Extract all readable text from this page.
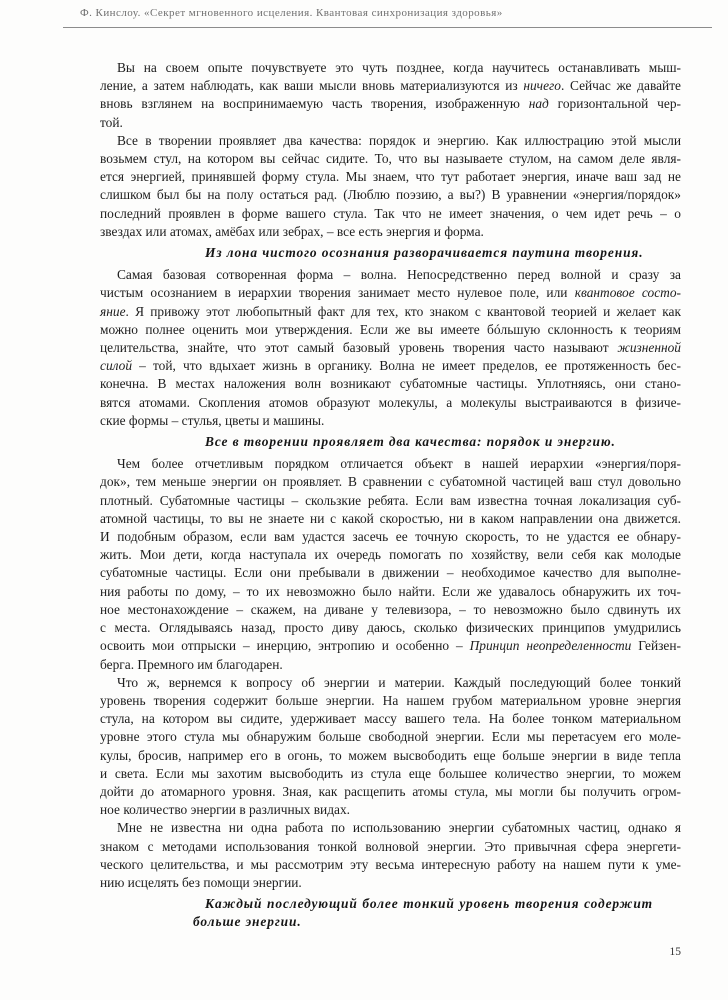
Ф. Кинслоу. «Секрет мгновенного исцеления. Квантовая синхронизация здоровья»
Вы на своем опыте почувствуете это чуть позднее, когда научитесь останавливать мыш-
ление, а затем наблюдать, как ваши мысли вновь материализуются из ничего. Сейчас же давайте
вновь взглянем на воспринимаемую часть творения, изображенную над горизонтальной чер-
той.
Все в творении проявляет два качества: порядок и энергию. Как иллюстрацию этой мысли
возьмем стул, на котором вы сейчас сидите. То, что вы называете стулом, на самом деле явля-
ется энергией, принявшей форму стула. Мы знаем, что тут работает энергия, иначе ваш зад не
слишком был бы на полу остаться рад. (Люблю поэзию, а вы?) В уравнении «энергия/порядок»
последний проявлен в форме вашего стула. Так что не имеет значения, о чем идет речь – о
звездах или атомах, амёбах или зебрах, – все есть энергия и форма.
Из лона чистого осознания разворачивается паутина творения.
Самая базовая сотворенная форма – волна. Непосредственно перед волной и сразу за
чистым осознанием в иерархии творения занимает место нулевое поле, или квантовое состо-
яние. Я привожу этот любопытный факт для тех, кто знаком с квантовой теорией и желает как
можно полнее оценить мои утверждения. Если же вы имеете бóльшую склонность к теориям
целительства, знайте, что этот самый базовый уровень творения часто называют жизненной
силой – той, что вдыхает жизнь в органику. Волна не имеет пределов, ее протяженность бес-
конечна. В местах наложения волн возникают субатомные частицы. Уплотняясь, они стано-
вятся атомами. Скопления атомов образуют молекулы, а молекулы выстраиваются в физиче-
ские формы – стулья, цветы и машины.
Все в творении проявляет два качества: порядок и энергию.
Чем более отчетливым порядком отличается объект в нашей иерархии «энергия/поря-
док», тем меньше энергии он проявляет. В сравнении с субатомной частицей ваш стул довольно
плотный. Субатомные частицы – скользкие ребята. Если вам известна точная локализация суб-
атомной частицы, то вы не знаете ни с какой скоростью, ни в каком направлении она движется.
И подобным образом, если вам удастся засечь ее точную скорость, то не удастся ее обнару-
жить. Мои дети, когда наступала их очередь помогать по хозяйству, вели себя как молодые
субатомные частицы. Если они пребывали в движении – необходимое качество для выполне-
ния работы по дому, – то их невозможно было найти. Если же удавалось обнаружить их точ-
ное местонахождение – скажем, на диване у телевизора, – то невозможно было сдвинуть их
с места. Оглядываясь назад, просто диву даюсь, сколько физических принципов умудрились
освоить мои отпрыски – инерцию, энтропию и особенно – Принцип неопределенности Гейзен-
берга. Премного им благодарен.
Что ж, вернемся к вопросу об энергии и материи. Каждый последующий более тонкий
уровень творения содержит больше энергии. На нашем грубом материальном уровне энергия
стула, на котором вы сидите, удерживает массу вашего тела. На более тонком материальном
уровне этого стула мы обнаружим больше свободной энергии. Если мы перетасуем его моле-
кулы, бросив, например его в огонь, то можем высвободить еще больше энергии в виде тепла
и света. Если мы захотим высвободить из стула еще большее количество энергии, то можем
дойти до атомарного уровня. Зная, как расщепить атомы стула, мы могли бы получить огром-
ное количество энергии в различных видах.
Мне не известна ни одна работа по использованию энергии субатомных частиц, однако я
знаком с методами использования тонкой волновой энергии. Это привычная сфера энергети-
ческого целительства, и мы рассмотрим эту весьма интересную работу на нашем пути к уме-
нию исцелять без помощи энергии.
Каждый последующий более тонкий уровень творения содержит
больше энергии.
15
